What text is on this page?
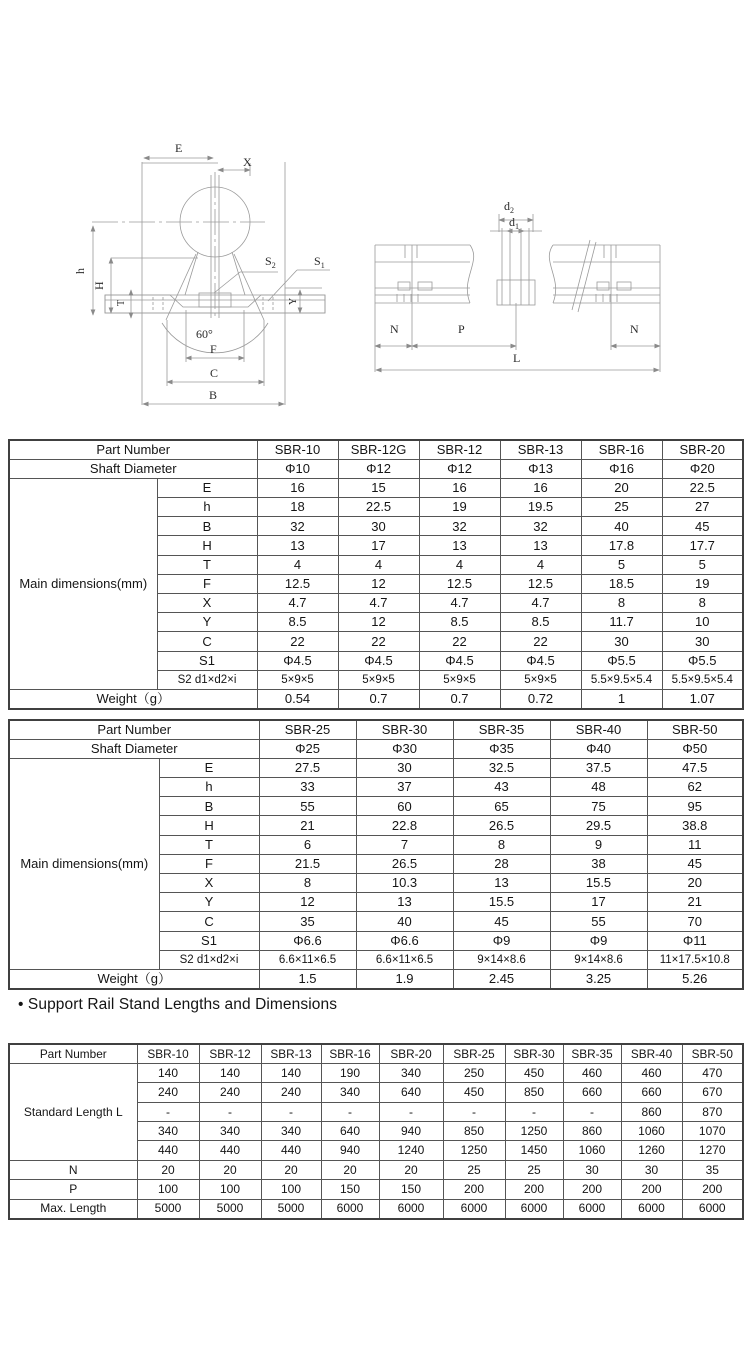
E
X
h
H
T	Y
60°
F
C
B
$S_2$	$S_1$
$d_2$
$d_1$
N	P	N
L
Part Number		SBR-10	SBR-12G	SBR-12	SBR-13	SBR-16	SBR-20
Shaft Diameter		Φ10	Φ12	Φ12	Φ13	Φ16	Φ20
Main dimensions(mm)	E	16	15	16	16	20	22.5
	h	18	22.5	19	19.5	25	27
	B	32	30	32	32	40	45
	H	13	17	13	13	17.8	17.7
	T	4	4	4	4	5	5
	F	12.5	12	12.5	12.5	18.5	19
	X	4.7	4.7	4.7	4.7	8	8
	Y	8.5	12	8.5	8.5	11.7	10
	C	22	22	22	22	30	30
	S1	Φ4.5	Φ4.5	Φ4.5	Φ4.5	Φ5.5	Φ5.5
	S2 d1×d2×i	5×9×5	5×9×5	5×9×5	5×9×5	5.5×9.5×5.4	5.5×9.5×5.4
Weight（g）		0.54	0.7	0.7	0.72	1	1.07
Part Number		SBR-25	SBR-30	SBR-35	SBR-40	SBR-50
Shaft Diameter		Φ25	Φ30	Φ35	Φ40	Φ50
Main dimensions(mm)	E	27.5	30	32.5	37.5	47.5
	h	33	37	43	48	62
	B	55	60	65	75	95
	H	21	22.8	26.5	29.5	38.8
	T	6	7	8	9	11
	F	21.5	26.5	28	38	45
	X	8	10.3	13	15.5	20
	Y	12	13	15.5	17	21
	C	35	40	45	55	70
	S1	Φ6.6	Φ6.6	Φ9	Φ9	Φ11
	S2 d1×d2×i	6.6×11×6.5	6.6×11×6.5	9×14×8.6	9×14×8.6	11×17.5×10.8
Weight（g）		1.5	1.9	2.45	3.25	5.26
• Support Rail Stand Lengths and Dimensions
Part Number	SBR-10	SBR-12	SBR-13	SBR-16	SBR-20	SBR-25	SBR-30	SBR-35	SBR-40	SBR-50
Standard Length L	140	140	140	190	340	250	450	460	460	470
	240	240	240	340	640	450	850	660	660	670
	-	-	-	-	-	-	-	-	860	870
	340	340	340	640	940	850	1250	860	1060	1070
	440	440	440	940	1240	1250	1450	1060	1260	1270
N	20	20	20	20	20	25	25	30	30	35
P	100	100	100	150	150	200	200	200	200	200
Max. Length	5000	5000	5000	6000	6000	6000	6000	6000	6000	6000
